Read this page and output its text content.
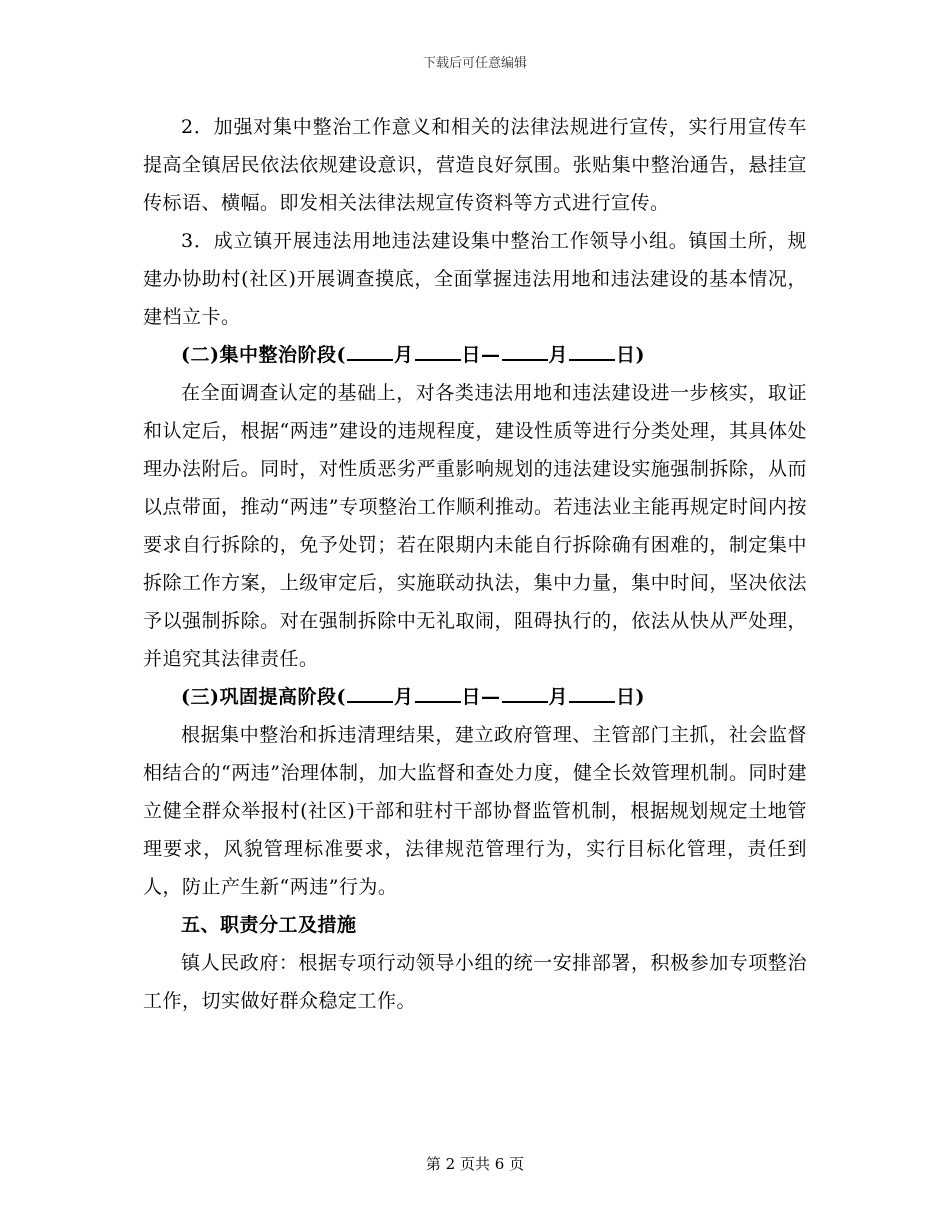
下载后可任意编辑

2．加强对集中整治工作意义和相关的法律法规进行宣传，实行用宣传车提高全镇居民依法依规建设意识，营造良好氛围。张贴集中整治通告，悬挂宣传标语、横幅。即发相关法律法规宣传资料等方式进行宣传。

3．成立镇开展违法用地违法建设集中整治工作领导小组。镇国土所，规建办协助村(社区)开展调查摸底，全面掌握违法用地和违法建设的基本情况，建档立卡。

(二)集中整治阶段(	月	日—	月	日)

在全面调查认定的基础上，对各类违法用地和违法建设进一步核实，取证和认定后，根据“两违”建设的违规程度，建设性质等进行分类处理，其具体处理办法附后。同时，对性质恶劣严重影响规划的违法建设实施强制拆除，从而以点带面，推动“两违”专项整治工作顺利推动。若违法业主能再规定时间内按要求自行拆除的，免予处罚；若在限期内未能自行拆除确有困难的，制定集中拆除工作方案，上级审定后，实施联动执法，集中力量，集中时间，坚决依法予以强制拆除。对在强制拆除中无礼取闹，阻碍执行的，依法从快从严处理，并追究其法律责任。

(三)巩固提高阶段(	月	日—	月	日)

根据集中整治和拆违清理结果，建立政府管理、主管部门主抓，社会监督相结合的“两违”治理体制，加大监督和查处力度，健全长效管理机制。同时建立健全群众举报村(社区)干部和驻村干部协督监管机制，根据规划规定土地管理要求，风貌管理标准要求，法律规范管理行为，实行目标化管理，责任到人，防止产生新“两违”行为。

五、职责分工及措施

镇人民政府：根据专项行动领导小组的统一安排部署，积极参加专项整治工作，切实做好群众稳定工作。

第 2 页共 6 页
